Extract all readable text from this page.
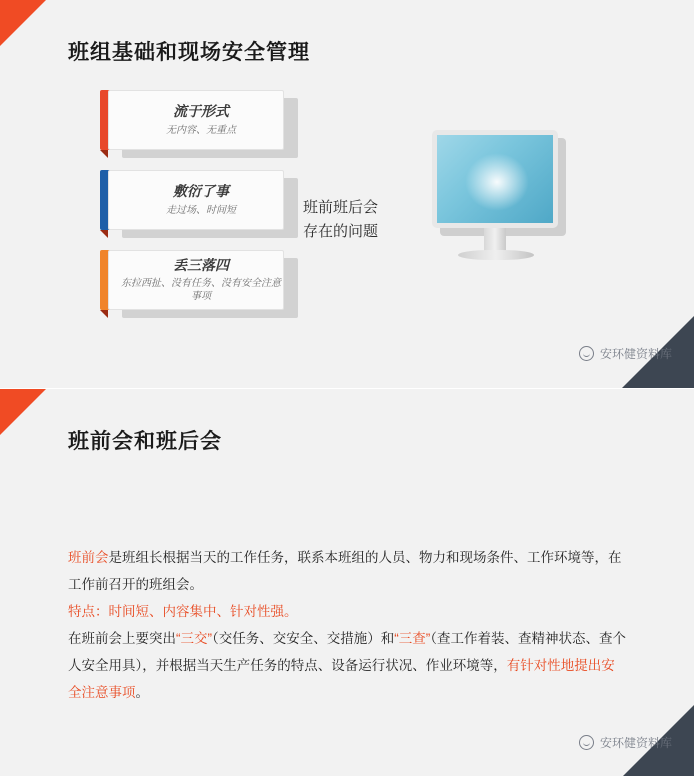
班组基础和现场安全管理
流于形式
无内容、无重点
敷衍了事
走过场、时间短
丢三落四
东拉西扯、没有任务、没有安全注意事项
班前班后会
存在的问题
安环健资料库
班前会和班后会

班前会是班组长根据当天的工作任务，联系本班组的人员、物力和现场条件、工作环境等，在工作前召开的班组会。

特点：时间短、内容集中、针对性强。

在班前会上要突出“三交”（交任务、交安全、交措施）和“三查”（查工作着装、查精神状态、查个人安全用具），并根据当天生产任务的特点、设备运行状况、作业环境等，有针对性地提出安全注意事项。

安环健资料库
